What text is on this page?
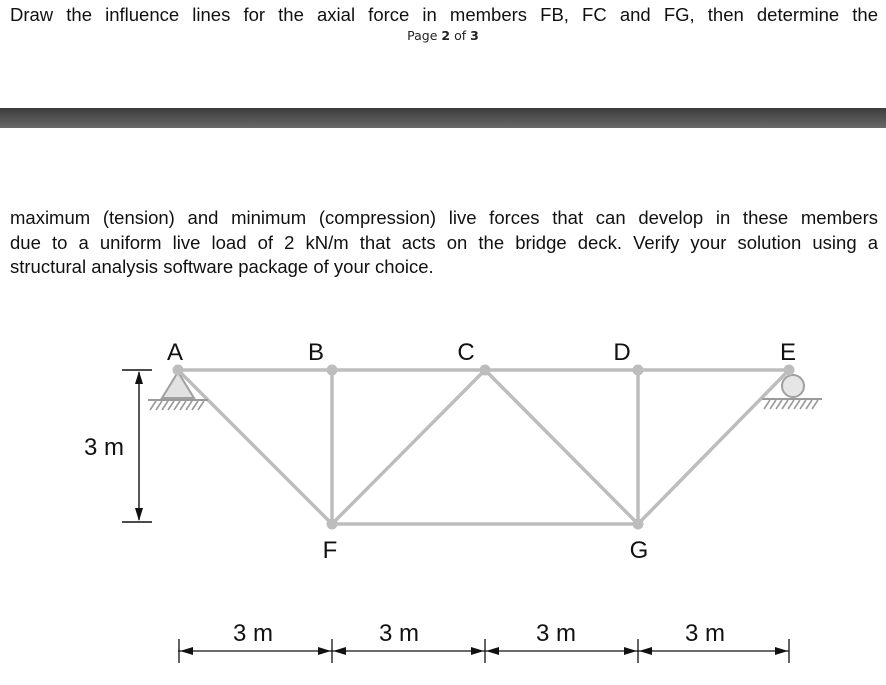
Draw the influence lines for the axial force in members FB, FC and FG, then determine the
Page 2 of 3
maximum (tension) and minimum (compression) live forces that can develop in these members
due to a uniform live load of 2 kN/m that acts on the bridge deck. Verify your solution using a
structural analysis software package of your choice.
A	B	C	D	E
F	G
3 m
3 m	3 m	3 m	3 m
